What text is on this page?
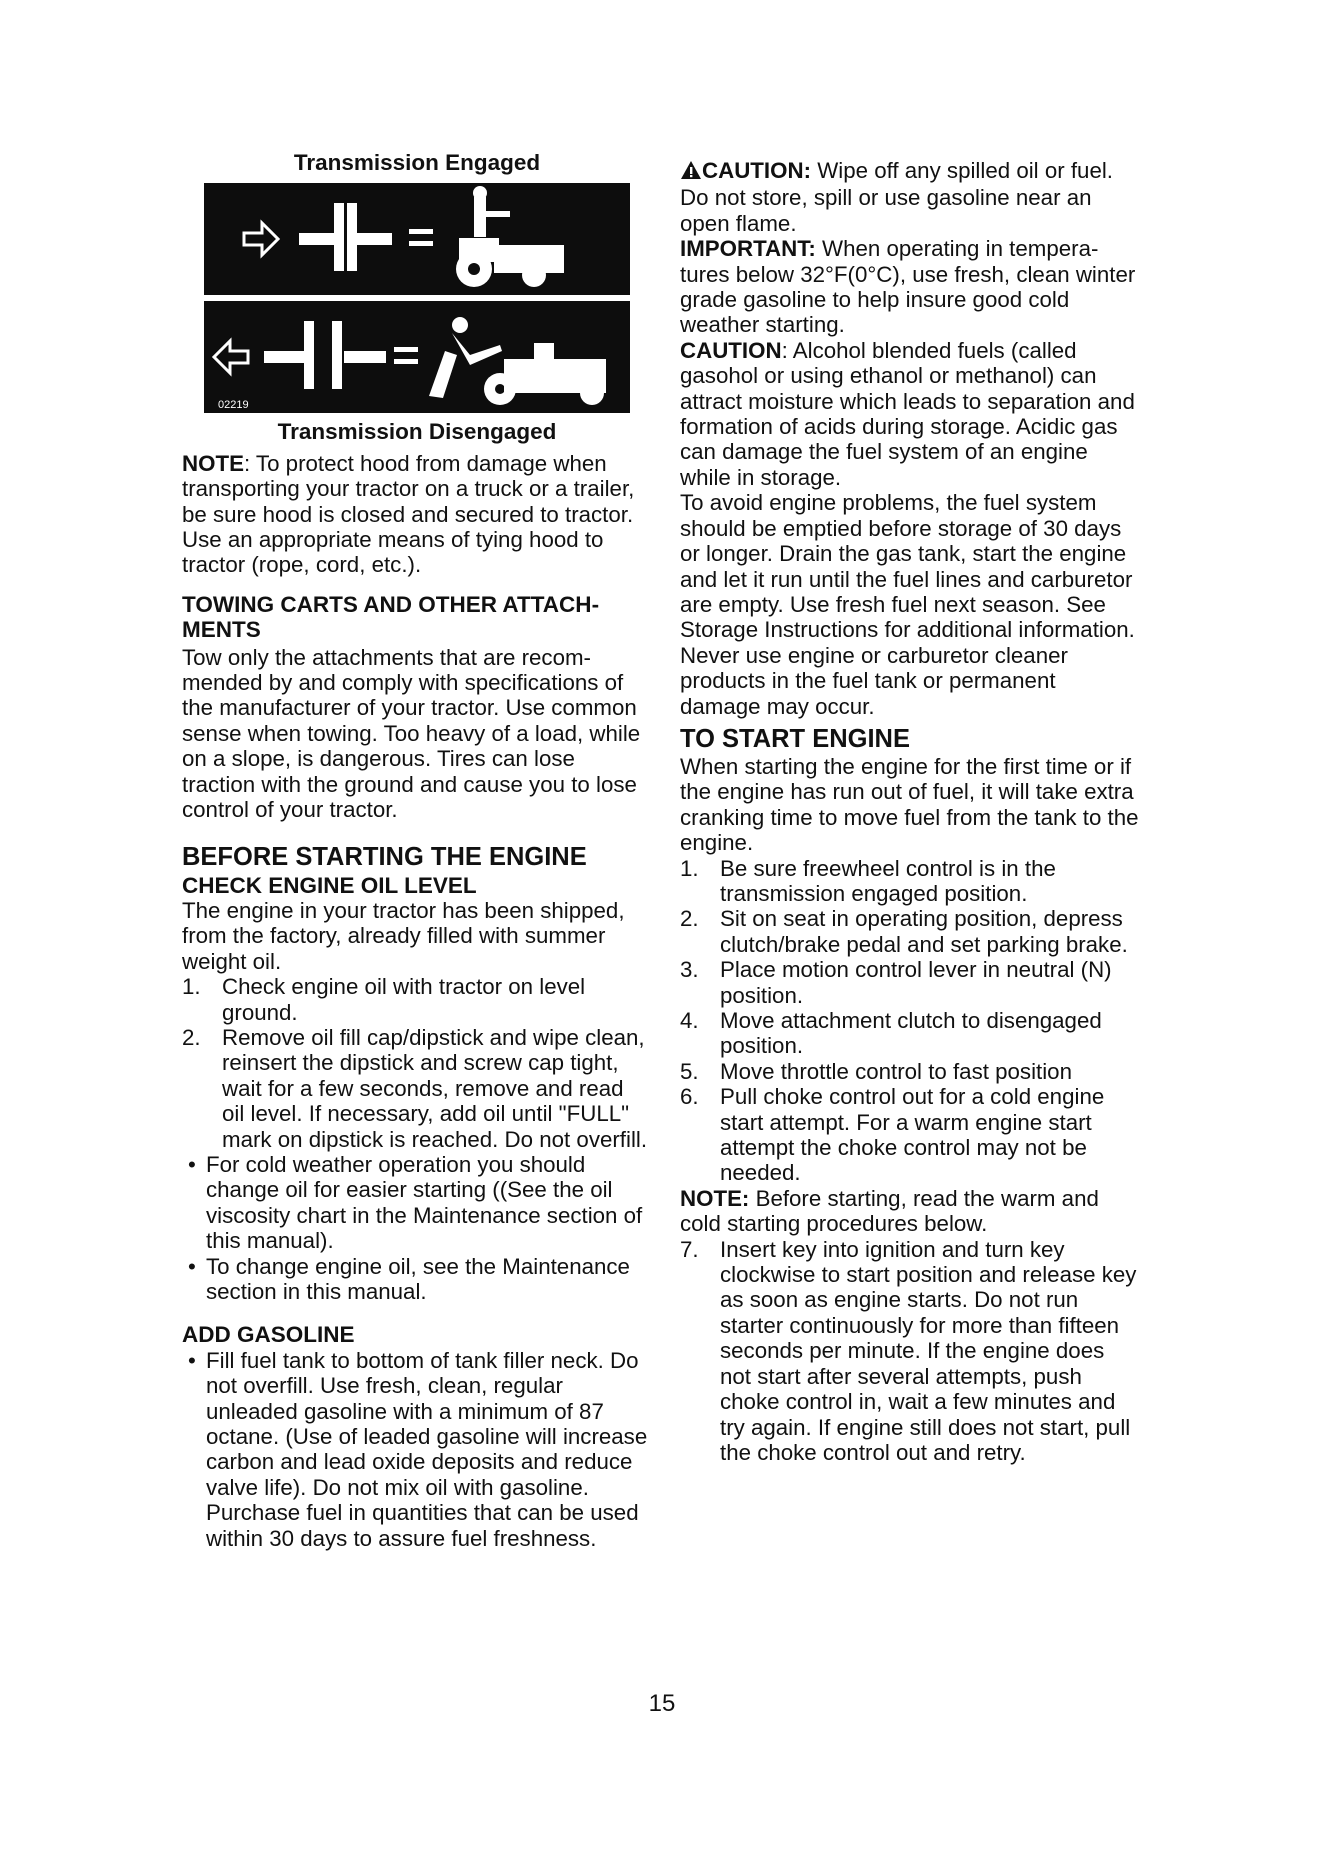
Transmission Engaged

02219

Transmission Disengaged

NOTE: To protect hood from damage when transporting your tractor on a truck or a trailer, be sure hood is closed and secured to tractor. Use an appropriate means of tying hood to tractor (rope, cord, etc.).

TOWING CARTS AND OTHER ATTACHMENTS

Tow only the attachments that are recommended by and comply with specifications of the manufacturer of your tractor. Use common sense when towing. Too heavy of a load, while on a slope, is dangerous. Tires can lose traction with the ground and cause you to lose control of your tractor.

BEFORE STARTING THE ENGINE
CHECK ENGINE OIL LEVEL

The engine in your tractor has been shipped, from the factory, already filled with summer weight oil.

1. Check engine oil with tractor on level ground.
2. Remove oil fill cap/dipstick and wipe clean, reinsert the dipstick and screw cap tight, wait for a few seconds, remove and read oil level. If necessary, add oil until "FULL" mark on dipstick is reached. Do not overfill.
• For cold weather operation you should change oil for easier starting ((See the oil viscosity chart in the Maintenance section of this manual).
• To change engine oil, see the Maintenance section in this manual.
ADD GASOLINE
• Fill fuel tank to bottom of tank filler neck. Do not overfill. Use fresh, clean, regular unleaded gasoline with a minimum of 87 octane. (Use of leaded gasoline will increase carbon and lead oxide deposits and reduce valve life). Do not mix oil with gasoline. Purchase fuel in quantities that can be used within 30 days to assure fuel freshness.

CAUTION: Wipe off any spilled oil or fuel. Do not store, spill or use gasoline near an open flame.

IMPORTANT: When operating in temperatures below 32°F(0°C), use fresh, clean winter grade gasoline to help insure good cold weather starting.

CAUTION: Alcohol blended fuels (called gasohol or using ethanol or methanol) can attract moisture which leads to separation and formation of acids during storage. Acidic gas can damage the fuel system of an engine while in storage.

To avoid engine problems, the fuel system should be emptied before storage of 30 days or longer. Drain the gas tank, start the engine and let it run until the fuel lines and carburetor are empty. Use fresh fuel next season. See Storage Instructions for additional information.

Never use engine or carburetor cleaner products in the fuel tank or permanent damage may occur.

TO START ENGINE

When starting the engine for the first time or if the engine has run out of fuel, it will take extra cranking time to move fuel from the tank to the engine.

1. Be sure freewheel control is in the transmission engaged position.
2. Sit on seat in operating position, depress clutch/brake pedal and set parking brake.
3. Place motion control lever in neutral (N) position.
4. Move attachment clutch to disengaged position.
5. Move throttle control to fast position
6. Pull choke control out for a cold engine start attempt. For a warm engine start attempt the choke control may not be needed.

NOTE: Before starting, read the warm and cold starting procedures below.

7. Insert key into ignition and turn key clockwise to start position and release key as soon as engine starts. Do not run starter continuously for more than fifteen seconds per minute. If the engine does not start after several attempts, push choke control in, wait a few minutes and try again. If engine still does not start, pull the choke control out and retry.
15
